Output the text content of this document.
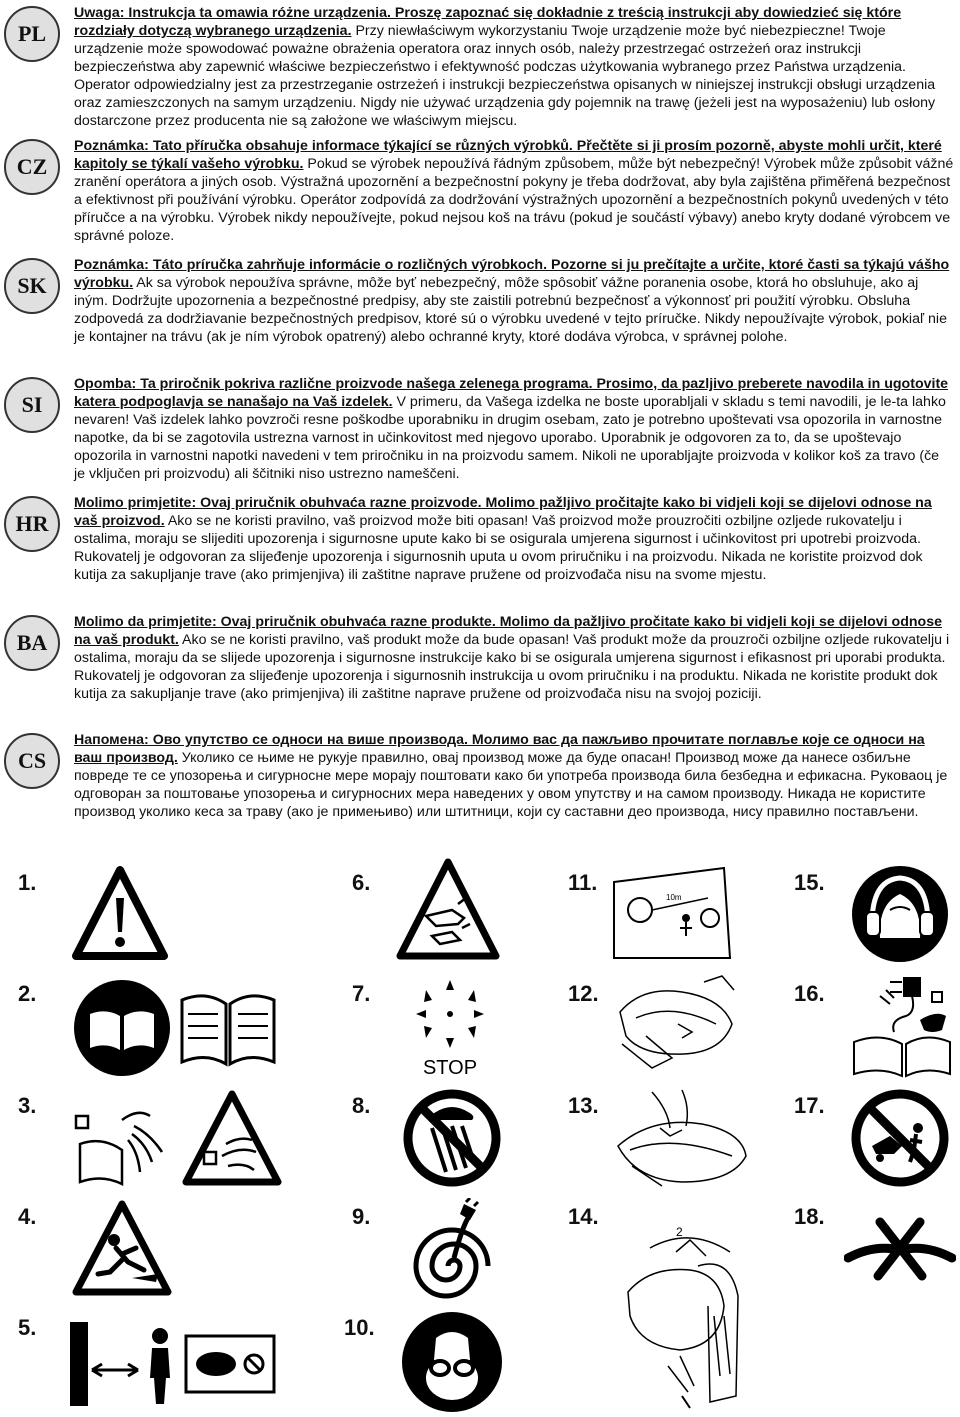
PL

Uwaga: Instrukcja ta omawia różne urządzenia. Proszę zapoznać się dokładnie z treścią instrukcji aby dowiedzieć się które rozdziały dotyczą wybranego urządzenia. Przy niewłaściwym wykorzystaniu Twoje urządzenie może być niebezpieczne! Twoje urządzenie może spowodować poważne obrażenia operatora oraz innych osób, należy przestrzegać ostrzeżeń oraz instrukcji bezpieczeństwa aby zapewnić właściwe bezpieczeństwo i efektywność podczas użytkowania wybranego przez Państwa urządzenia. Operator odpowiedzialny jest za przestrzeganie ostrzeżeń i instrukcji bezpieczeństwa opisanych w niniejszej instrukcji obsługi urządzenia oraz zamieszczonych na samym urządzeniu. Nigdy nie używać urządzenia gdy pojemnik na trawę (jeżeli jest na wyposażeniu) lub osłony dostarczone przez producenta nie są założone we właściwym miejscu.

CZ

Poznámka: Tato příručka obsahuje informace týkající se různých výrobků. Přečtěte si ji prosím pozorně, abyste mohli určit, které kapitoly se týkalí vašeho výrobku. Pokud se výrobek nepoužívá řádným způsobem, může být nebezpečný! Výrobek může způsobit vážné zranění operátora a jiných osob. Výstražná upozornění a bezpečnostní pokyny je třeba dodržovat, aby byla zajištěna přiměřená bezpečnost a efektivnost při používání výrobku. Operátor zodpovídá za dodržování výstražných upozornění a bezpečnostních pokynů uvedených v této příručce a na výrobku. Výrobek nikdy nepoužívejte, pokud nejsou koš na trávu (pokud je součástí výbavy) anebo kryty dodané výrobcem ve správné poloze.

SK

Poznámka: Táto príručka zahrňuje informácie o rozličných výrobkoch. Pozorne si ju prečítajte a určite, ktoré časti sa týkajú vášho výrobku. Ak sa výrobok nepoužíva správne, môže byť nebezpečný, môže spôsobiť vážne poranenia osobe, ktorá ho obsluhuje, ako aj iným. Dodržujte upozornenia a bezpečnostné predpisy, aby ste zaistili potrebnú bezpečnosť a výkonnosť pri použití výrobku. Obsluha zodpovedá za dodržiavanie bezpečnostných predpisov, ktoré sú o výrobku uvedené v tejto príručke. Nikdy nepoužívajte výrobok, pokiaľ nie je kontajner na trávu (ak je ním výrobok opatrený) alebo ochranné kryty, ktoré dodáva výrobca, v správnej polohe.

SI

Opomba: Ta priročnik pokriva različne proizvode našega zelenega programa. Prosimo, da pazljivo preberete navodila in ugotovite katera podpoglavja se nanašajo na Vaš izdelek. V primeru, da Vašega izdelka ne boste uporabljali v skladu s temi navodili, je le-ta lahko nevaren! Vaš izdelek lahko povzroči resne poškodbe uporabniku in drugim osebam, zato je potrebno upoštevati vsa opozorila in varnostne napotke, da bi se zagotovila ustrezna varnost in učinkovitost med njegovo uporabo. Uporabnik je odgovoren za to, da se upoštevajo opozorila in varnostni napotki navedeni v tem priročniku in na proizvodu samem. Nikoli ne uporabljajte proizvoda v kolikor koš za travo (če je vključen pri proizvodu) ali ščitniki niso ustrezno nameščeni.

HR

Molimo primjetite: Ovaj priručnik obuhvaća razne proizvode. Molimo pažljivo pročitajte kako bi vidjeli koji se dijelovi odnose na vaš proizvod. Ako se ne koristi pravilno, vaš proizvod može biti opasan! Vaš proizvod može prouzročiti ozbiljne ozljede rukovatelju i ostalima, moraju se slijediti upozorenja i sigurnosne upute kako bi se osigurala umjerena sigurnost i učinkovitost pri upotrebi proizvoda. Rukovatelj je odgovoran za slijeđenje upozorenja i sigurnosnih uputa u ovom priručniku i na proizvodu. Nikada ne koristite proizvod dok kutija za sakupljanje trave (ako primjenjiva) ili zaštitne naprave pružene od proizvođača nisu na svome mjestu.

BA

Molimo da primjetite: Ovaj priručnik obuhvaća razne produkte. Molimo da pažljivo pročitate kako bi vidjeli koji se dijelovi odnose na vaš produkt. Ako se ne koristi pravilno, vaš produkt može da bude opasan! Vaš produkt može da prouzroči ozbiljne ozljede rukovatelju i ostalima, moraju da se slijede upozorenja i sigurnosne instrukcije kako bi se osigurala umjerena sigurnost i efikasnost pri uporabi produkta. Rukovatelj je odgovoran za slijeđenje upozorenja i sigurnosnih instrukcija u ovom priručniku i na produktu. Nikada ne koristite produkt dok kutija za sakupljanje trave (ako primjenjiva) ili zaštitne naprave pružene od proizvođača nisu na svojoj poziciji.

CS

Напомена: Ово упутство се односи на више производа. Молимо вас да пажљиво прочитате поглавље које се односи на ваш производ. Уколико се њиме не рукује правилно, овај производ може да буде опасан! Производ може да нанесе озбиљне повреде те се упозорења и сигурносне мере морају поштовати како би употреба производа била безбедна и ефикасна. Руковаоц је одговоран за поштовање упозорења и сигурносних мера наведених у овом упутству и на самом производу. Никада не користите производ уколико кеса за траву (ако је примењиво) или штитници, који су саставни део производа, нису правилно постављени.

1.
2.
3.
4.
5.
6.
7.
8.
9.
10.
11.
12.
13.
14.
15.
16.
17.
18.
STOP
10m
2
